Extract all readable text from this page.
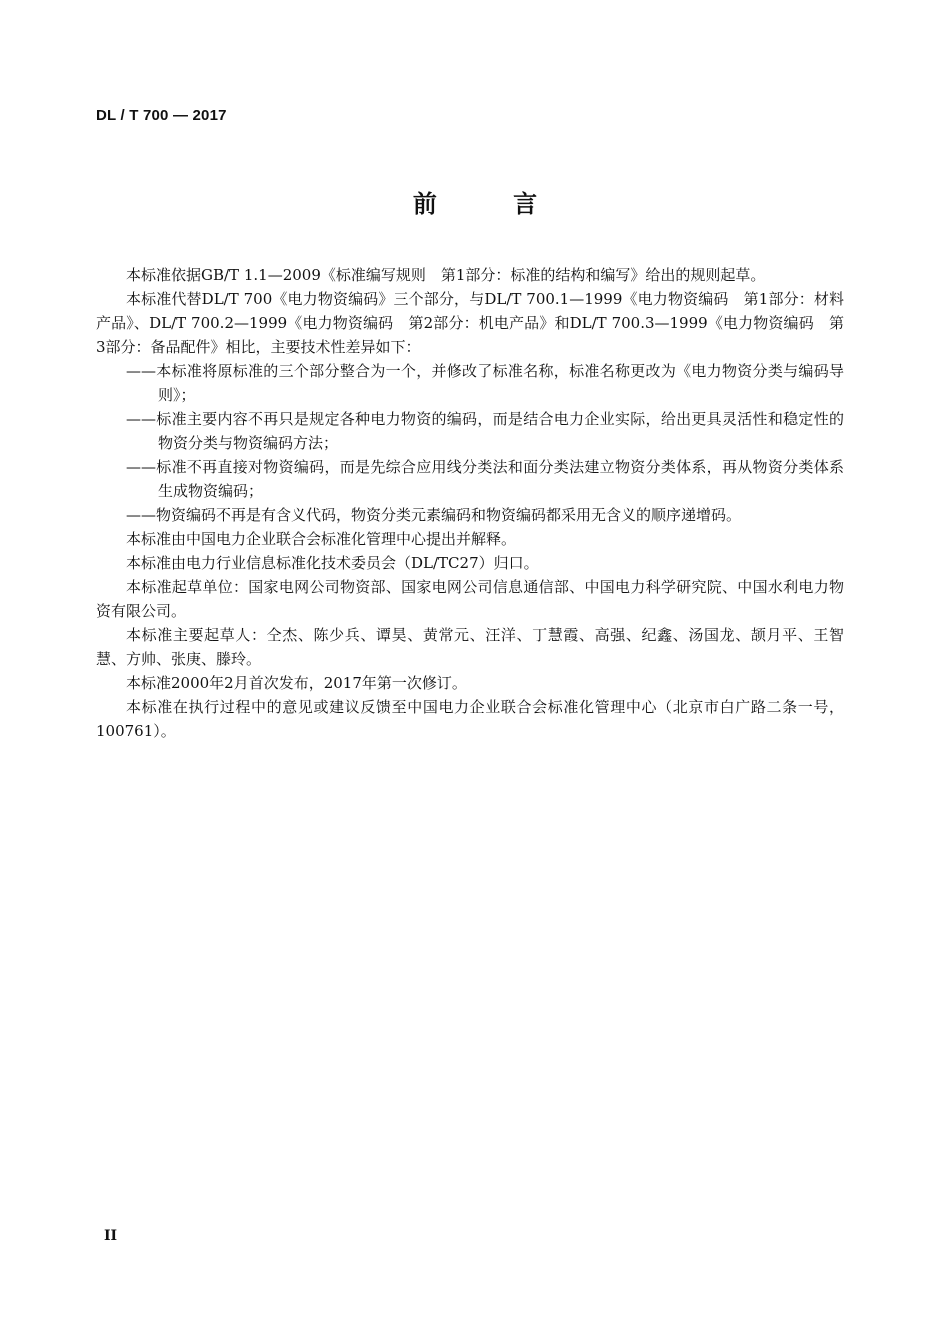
DL / T 700 — 2017
前 言

本标准依据GB/T 1.1—2009《标准编写规则　第1部分：标准的结构和编写》给出的规则起草。

本标准代替DL/T 700《电力物资编码》三个部分，与DL/T 700.1—1999《电力物资编码　第1部分：材料产品》、DL/T 700.2—1999《电力物资编码　第2部分：机电产品》和DL/T 700.3—1999《电力物资编码　第3部分：备品配件》相比，主要技术性差异如下：

——本标准将原标准的三个部分整合为一个，并修改了标准名称，标准名称更改为《电力物资分类与编码导则》；

——标准主要内容不再只是规定各种电力物资的编码，而是结合电力企业实际，给出更具灵活性和稳定性的物资分类与物资编码方法；

——标准不再直接对物资编码，而是先综合应用线分类法和面分类法建立物资分类体系，再从物资分类体系生成物资编码；

——物资编码不再是有含义代码，物资分类元素编码和物资编码都采用无含义的顺序递增码。

本标准由中国电力企业联合会标准化管理中心提出并解释。

本标准由电力行业信息标准化技术委员会（DL/TC27）归口。

本标准起草单位：国家电网公司物资部、国家电网公司信息通信部、中国电力科学研究院、中国水利电力物资有限公司。

本标准主要起草人：仝杰、陈少兵、谭昊、黄常元、汪洋、丁慧霞、高强、纪鑫、汤国龙、颉月平、王智慧、方帅、张庚、滕玲。

本标准2000年2月首次发布，2017年第一次修订。

本标准在执行过程中的意见或建议反馈至中国电力企业联合会标准化管理中心（北京市白广路二条一号，100761）。

II
